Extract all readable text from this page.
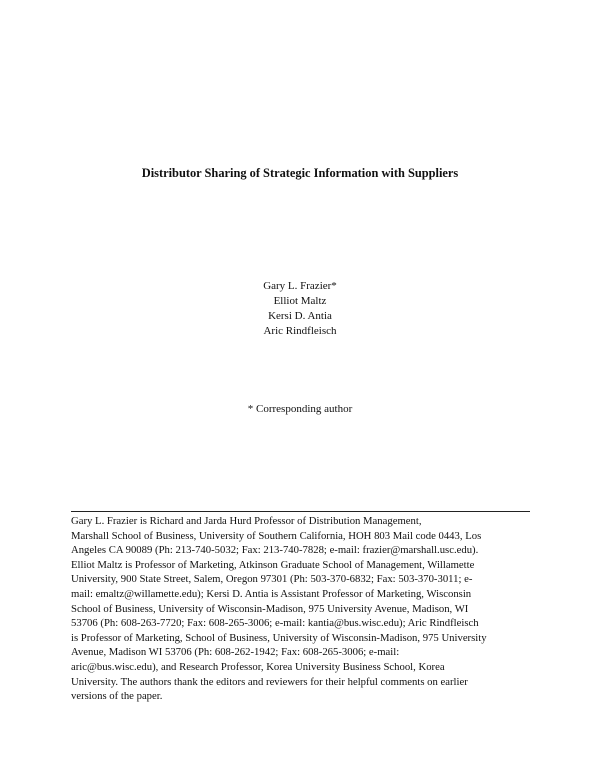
Distributor Sharing of Strategic Information with Suppliers
Gary L. Frazier*
Elliot Maltz
Kersi D. Antia
Aric Rindfleisch

* Corresponding author

Gary L. Frazier is Richard and Jarda Hurd Professor of Distribution Management,
Marshall School of Business, University of Southern California, HOH 803 Mail code 0443, Los
Angeles CA 90089 (Ph: 213-740-5032; Fax: 213-740-7828; e-mail: frazier@marshall.usc.edu).
Elliot Maltz is Professor of Marketing, Atkinson Graduate School of Management, Willamette
University, 900 State Street, Salem, Oregon 97301 (Ph: 503-370-6832; Fax: 503-370-3011; e-
mail: emaltz@willamette.edu); Kersi D. Antia is Assistant Professor of Marketing, Wisconsin
School of Business, University of Wisconsin-Madison, 975 University Avenue, Madison, WI
53706 (Ph: 608-263-7720; Fax: 608-265-3006; e-mail: kantia@bus.wisc.edu); Aric Rindfleisch
is Professor of Marketing, School of Business, University of Wisconsin-Madison, 975 University
Avenue, Madison WI 53706 (Ph: 608-262-1942; Fax: 608-265-3006; e-mail:
aric@bus.wisc.edu), and Research Professor, Korea University Business School, Korea
University. The authors thank the editors and reviewers for their helpful comments on earlier
versions of the paper.
